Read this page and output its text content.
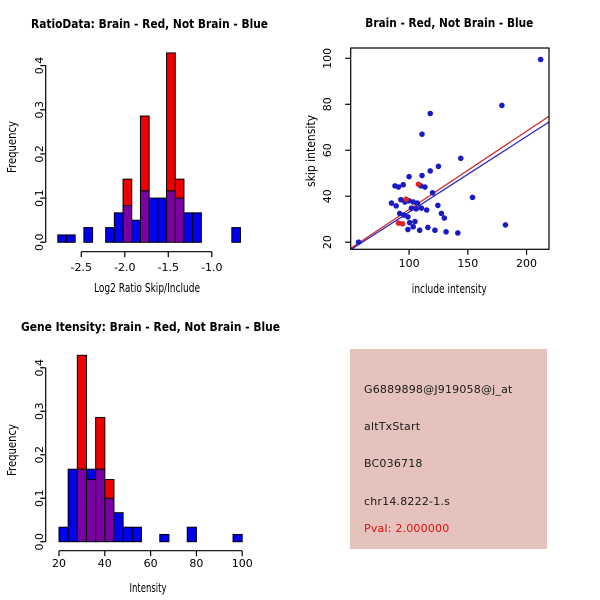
0.0
0.1
0.2
0.3
0.4
-2.5 -2.0 -1.5 -1.0
RatioData: Brain - Red, Not Brain - Blue
Log2 Ratio Skip/Include
Frequency
100	150	200
20
40
60
80
100
Brain - Red, Not Brain - Blue
include intensity
skip intensity
0.0
0.1
0.2
0.3
0.4
20	40	60	80	100
Gene Itensity: Brain - Red, Not Brain - Blue
Intensity
Frequency
G6889898@J919058@j_at
altTxStart
BC036718
chr14.8222-1.s
Pval: 2.000000
